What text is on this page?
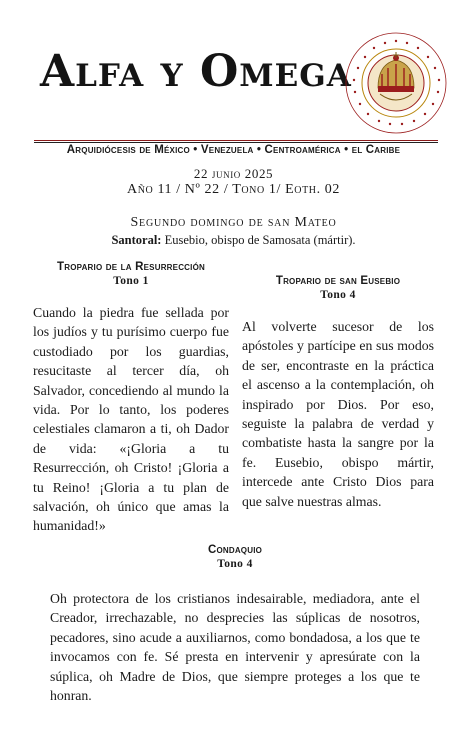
Alfa y Omega
Arquidiócesis de México • Venezuela • Centroamérica • el Caribe
22 junio 2025
Año 11 / Nº 22 / Tono 1/ Eoth. 02
Segundo domingo de san Mateo
Santoral: Eusebio, obispo de Samosata (mártir).
Tropario de la Resurrección
Tono 1

Cuando la piedra fue sellada por los judíos y tu purísimo cuerpo fue custodiado por los guardias, resucitaste al tercer día, oh Salvador, concediendo al mundo la vida. Por lo tanto, los poderes celestiales clamaron a ti, oh Dador de vida: «¡Gloria a tu Resurrección, oh Cristo! ¡Gloria a tu Reino! ¡Gloria a tu plan de salvación, oh único que amas la humanidad!»

Tropario de san Eusebio
Tono 4

Al volverte sucesor de los apóstoles y partícipe en sus modos de ser, encontraste en la práctica el ascenso a la contemplación, oh inspirado por Dios. Por eso, seguiste la palabra de verdad y combatiste hasta la sangre por la fe. Eusebio, obispo mártir, intercede ante Cristo Dios para que salve nuestras almas.

Condaquio
Tono 4

Oh protectora de los cristianos indesairable, mediadora, ante el Creador, irrechazable, no desprecies las súplicas de nosotros, pecadores, sino acude a auxiliarnos, como bondadosa, a los que te invocamos con fe. Sé presta en intervenir y apresúrate con la súplica, oh Madre de Dios, que siempre proteges a los que te honran.
